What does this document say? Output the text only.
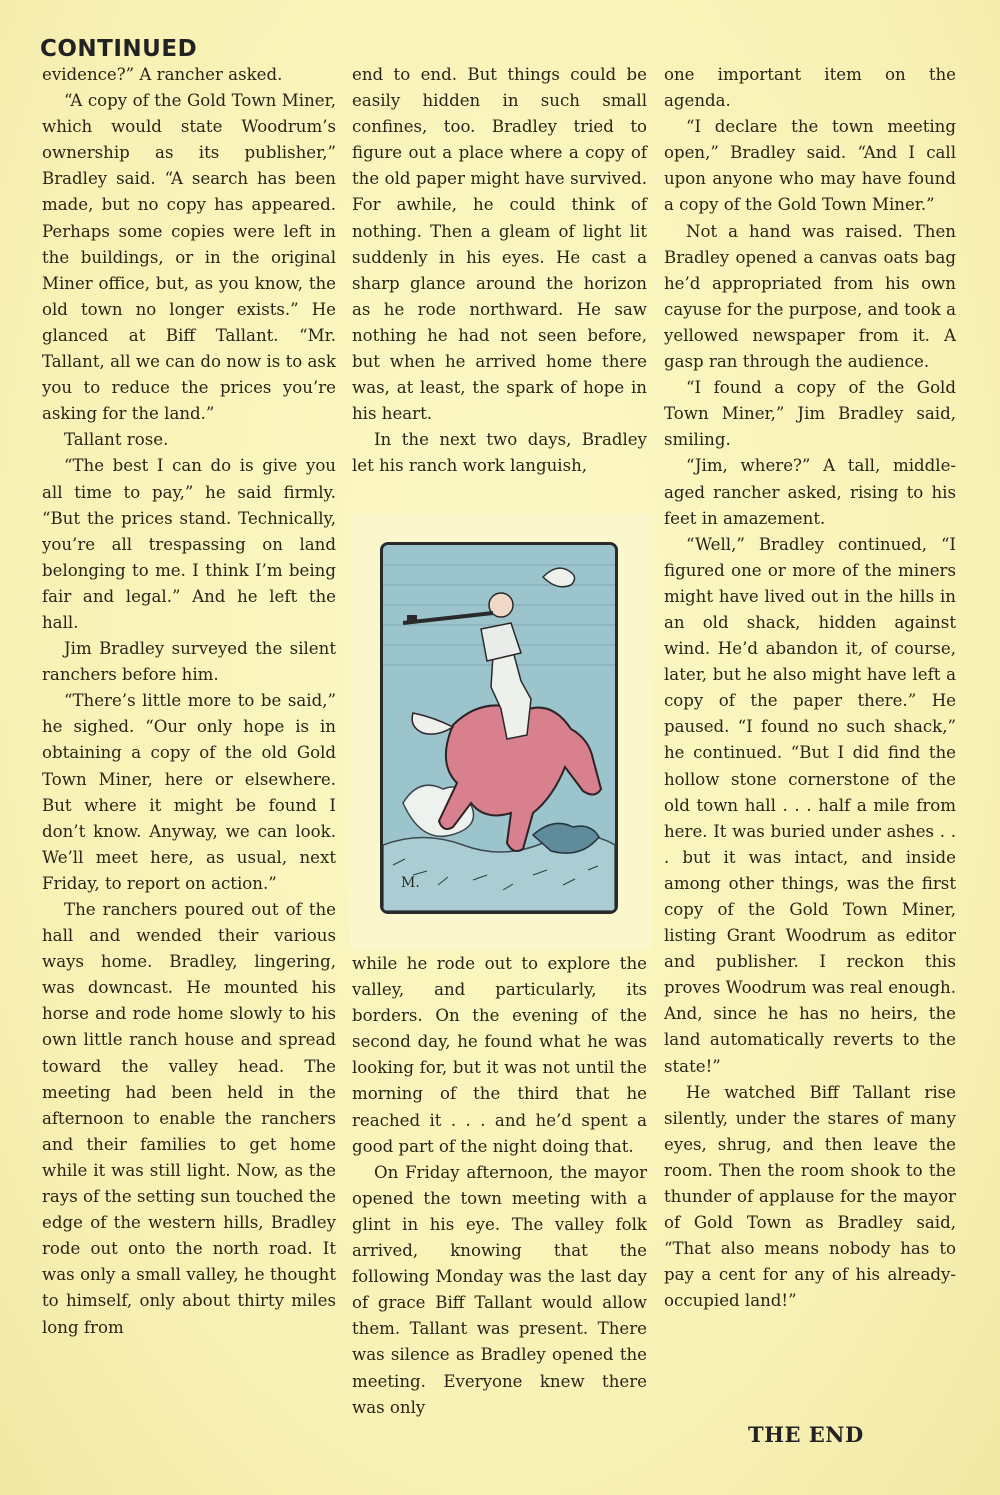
CONTINUED

evidence?” A rancher asked.

“A copy of the Gold Town Miner, which would state Woodrum’s ownership as its publisher,” Bradley said. “A search has been made, but no copy has appeared. Perhaps some copies were left in the buildings, or in the original Miner office, but, as you know, the old town no longer exists.” He glanced at Biff Tallant. “Mr. Tallant, all we can do now is to ask you to reduce the prices you’re asking for the land.”

Tallant rose.

“The best I can do is give you all time to pay,” he said firmly. “But the prices stand. Technically, you’re all trespassing on land belonging to me. I think I’m being fair and legal.” And he left the hall.

Jim Bradley surveyed the silent ranchers before him.

“There’s little more to be said,” he sighed. “Our only hope is in obtaining a copy of the old Gold Town Miner, here or elsewhere. But where it might be found I don’t know. Anyway, we can look. We’ll meet here, as usual, next Friday, to report on action.”

The ranchers poured out of the hall and wended their various ways home. Bradley, lingering, was downcast. He mounted his horse and rode home slowly to his own little ranch house and spread toward the valley head. The meeting had been held in the afternoon to enable the ranchers and their families to get home while it was still light. Now, as the rays of the setting sun touched the edge of the western hills, Bradley rode out onto the north road. It was only a small valley, he thought to himself, only about thirty miles long from

end to end. But things could be easily hidden in such small confines, too. Bradley tried to figure out a place where a copy of the old paper might have survived. For awhile, he could think of nothing. Then a gleam of light lit suddenly in his eyes. He cast a sharp glance around the horizon as he rode northward. He saw nothing he had not seen before, but when he arrived home there was, at least, the spark of hope in his heart.

In the next two days, Bradley let his ranch work languish,

M.

while he rode out to explore the valley, and particularly, its borders. On the evening of the second day, he found what he was looking for, but it was not until the morning of the third that he reached it . . . and he’d spent a good part of the night doing that.

On Friday afternoon, the mayor opened the town meeting with a glint in his eye. The valley folk arrived, knowing that the following Monday was the last day of grace Biff Tallant would allow them. Tallant was present. There was silence as Bradley opened the meeting. Everyone knew there was only

one important item on the agenda.

“I declare the town meeting open,” Bradley said. “And I call upon anyone who may have found a copy of the Gold Town Miner.”

Not a hand was raised. Then Bradley opened a canvas oats bag he’d appropriated from his own cayuse for the purpose, and took a yellowed newspaper from it. A gasp ran through the audience.

“I found a copy of the Gold Town Miner,” Jim Bradley said, smiling.

“Jim, where?” A tall, middle-aged rancher asked, rising to his feet in amazement.

“Well,” Bradley continued, “I figured one or more of the miners might have lived out in the hills in an old shack, hidden against wind. He’d abandon it, of course, later, but he also might have left a copy of the paper there.” He paused. “I found no such shack,” he continued. “But I did find the hollow stone cornerstone of the old town hall . . . half a mile from here. It was buried under ashes . . . but it was intact, and inside among other things, was the first copy of the Gold Town Miner, listing Grant Woodrum as editor and publisher. I reckon this proves Woodrum was real enough. And, since he has no heirs, the land automatically reverts to the state!”

He watched Biff Tallant rise silently, under the stares of many eyes, shrug, and then leave the room. Then the room shook to the thunder of applause for the mayor of Gold Town as Bradley said, “That also means nobody has to pay a cent for any of his already-occupied land!”

THE END
